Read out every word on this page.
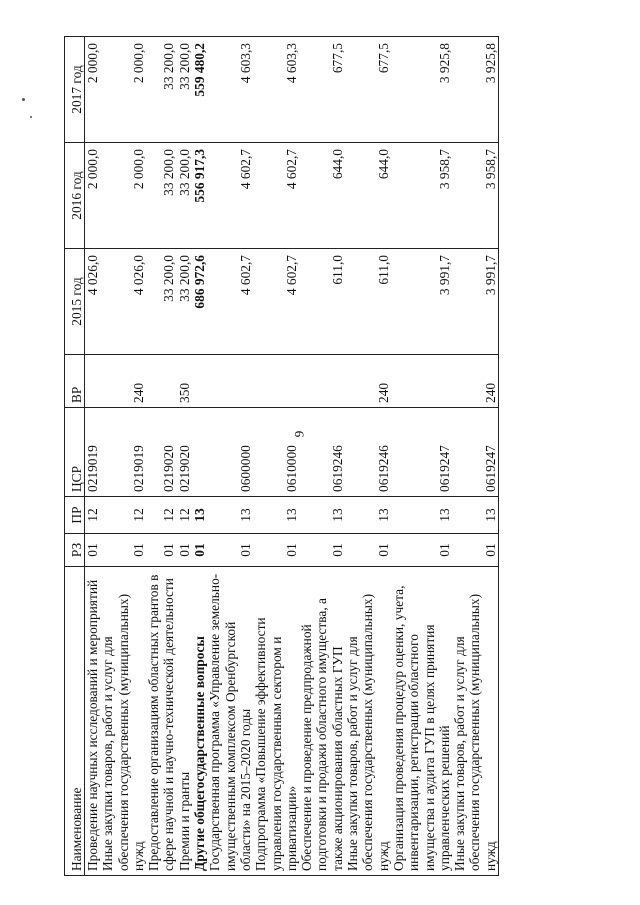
9
Наименование	РЗ	ПР	ЦСР	ВР	2015 год	2016 год	2017 год
Проведение научных исследований и мероприятий	01	12	0219019		4 026,0	2 000,0	2 000,0
Иные закупки товаров, работ и услуг для обеспечения государственных (муниципальных) нужд	01	12	0219019	240	4 026,0	2 000,0	2 000,0
Предоставление организациям областных грантов в сфере научной и научно-технической деятельности	01	12	0219020		33 200,0	33 200,0	33 200,0
Премии и гранты	01	12	0219020	350	33 200,0	33 200,0	33 200,0
Другие общегосударственные вопросы	01	13			686 972,6	556 917,3	559 480,2
Государственная программа «Управление земельно-имущественным комплексом Оренбургской области» на 2015–2020 годы	01	13	0600000		4 602,7	4 602,7	4 603,3
Подпрограмма «Повышение эффективности управления государственным сектором и приватизации»	01	13	0610000		4 602,7	4 602,7	4 603,3
Обеспечение и проведение предпродажной подготовки и продажи областного имущества, а также акционирования областных ГУП	01	13	0619246		611,0	644,0	677,5
Иные закупки товаров, работ и услуг для обеспечения государственных (муниципальных) нужд	01	13	0619246	240	611,0	644,0	677,5
Организация проведения процедур оценки, учета, инвентаризации, регистрации областного имущества и аудита ГУП в целях принятия управленческих решений	01	13	0619247		3 991,7	3 958,7	3 925,8
Иные закупки товаров, работ и услуг для обеспечения государственных (муниципальных) нужд	01	13	0619247	240	3 991,7	3 958,7	3 925,8
